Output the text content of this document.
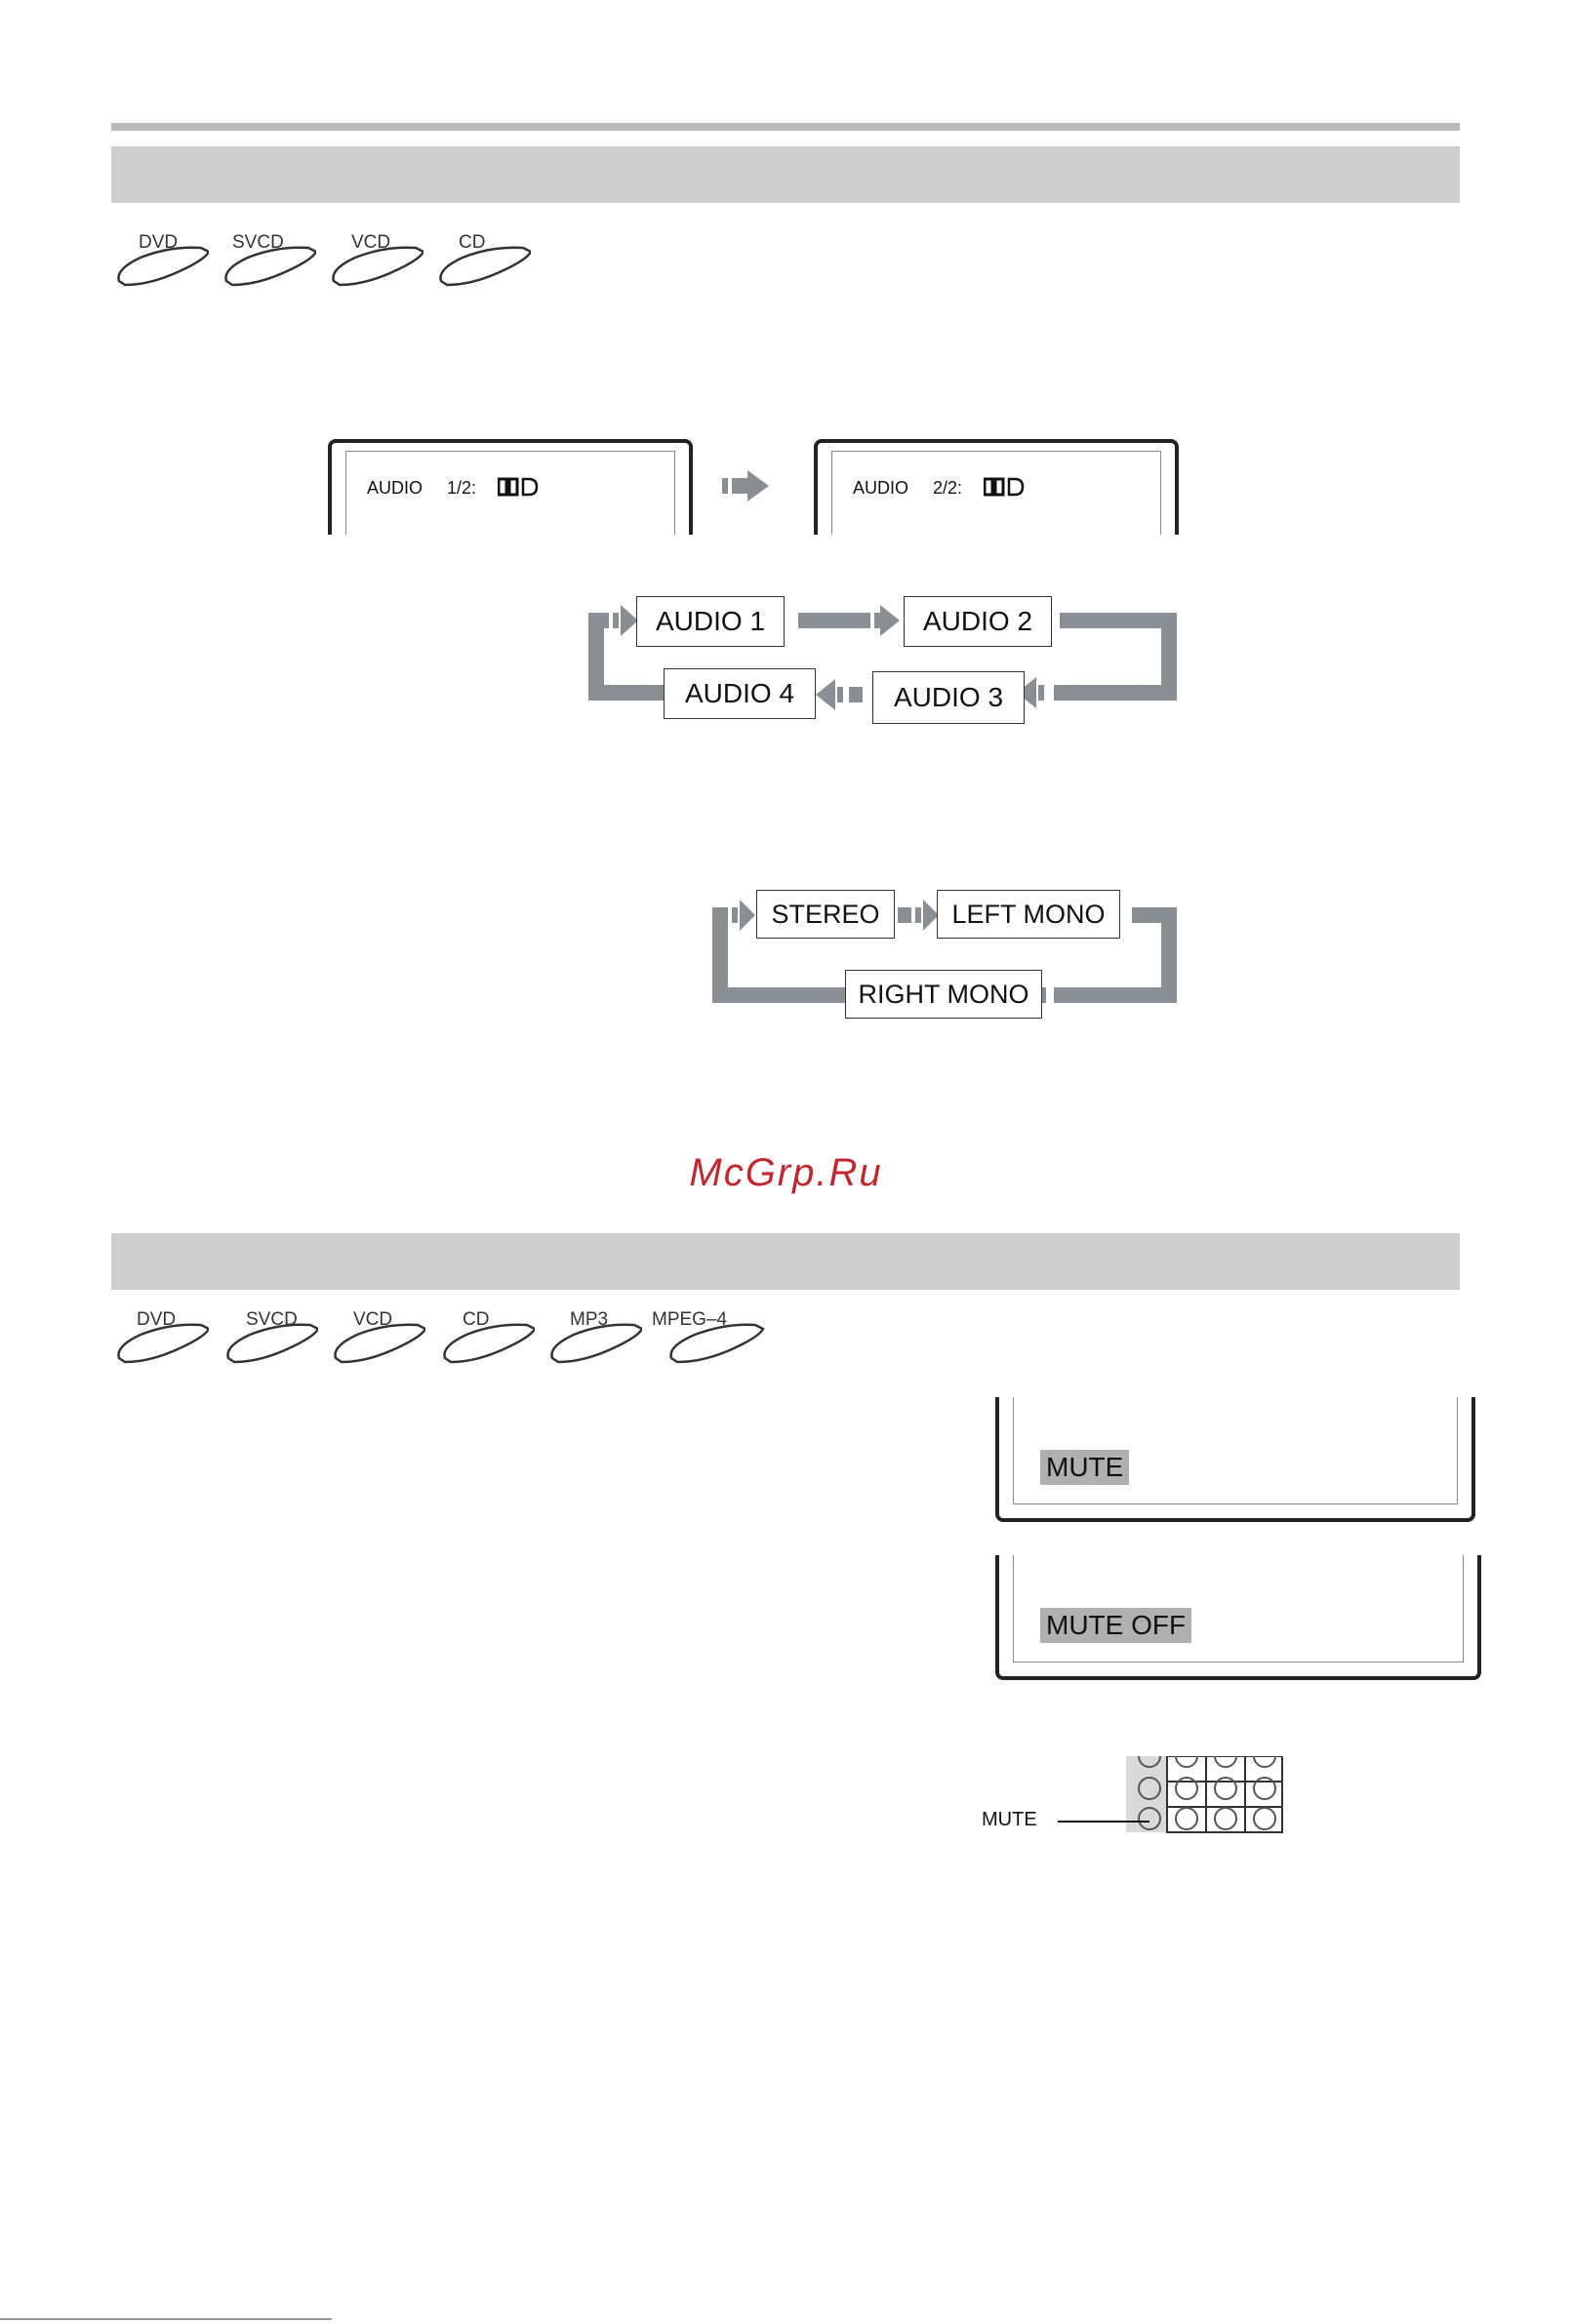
DVD	SVCD	VCD	CD
AUDIO 1/2:	AUDIO 2/2:
AUDIO 1	AUDIO 2
AUDIO 3
AUDIO 4
STEREO	LEFT MONO
RIGHT MONO
McGrp.Ru
DVD	SVCD	VCD	CD	MP3 MPEG–4
MUTE
MUTE OFF
MUTE
